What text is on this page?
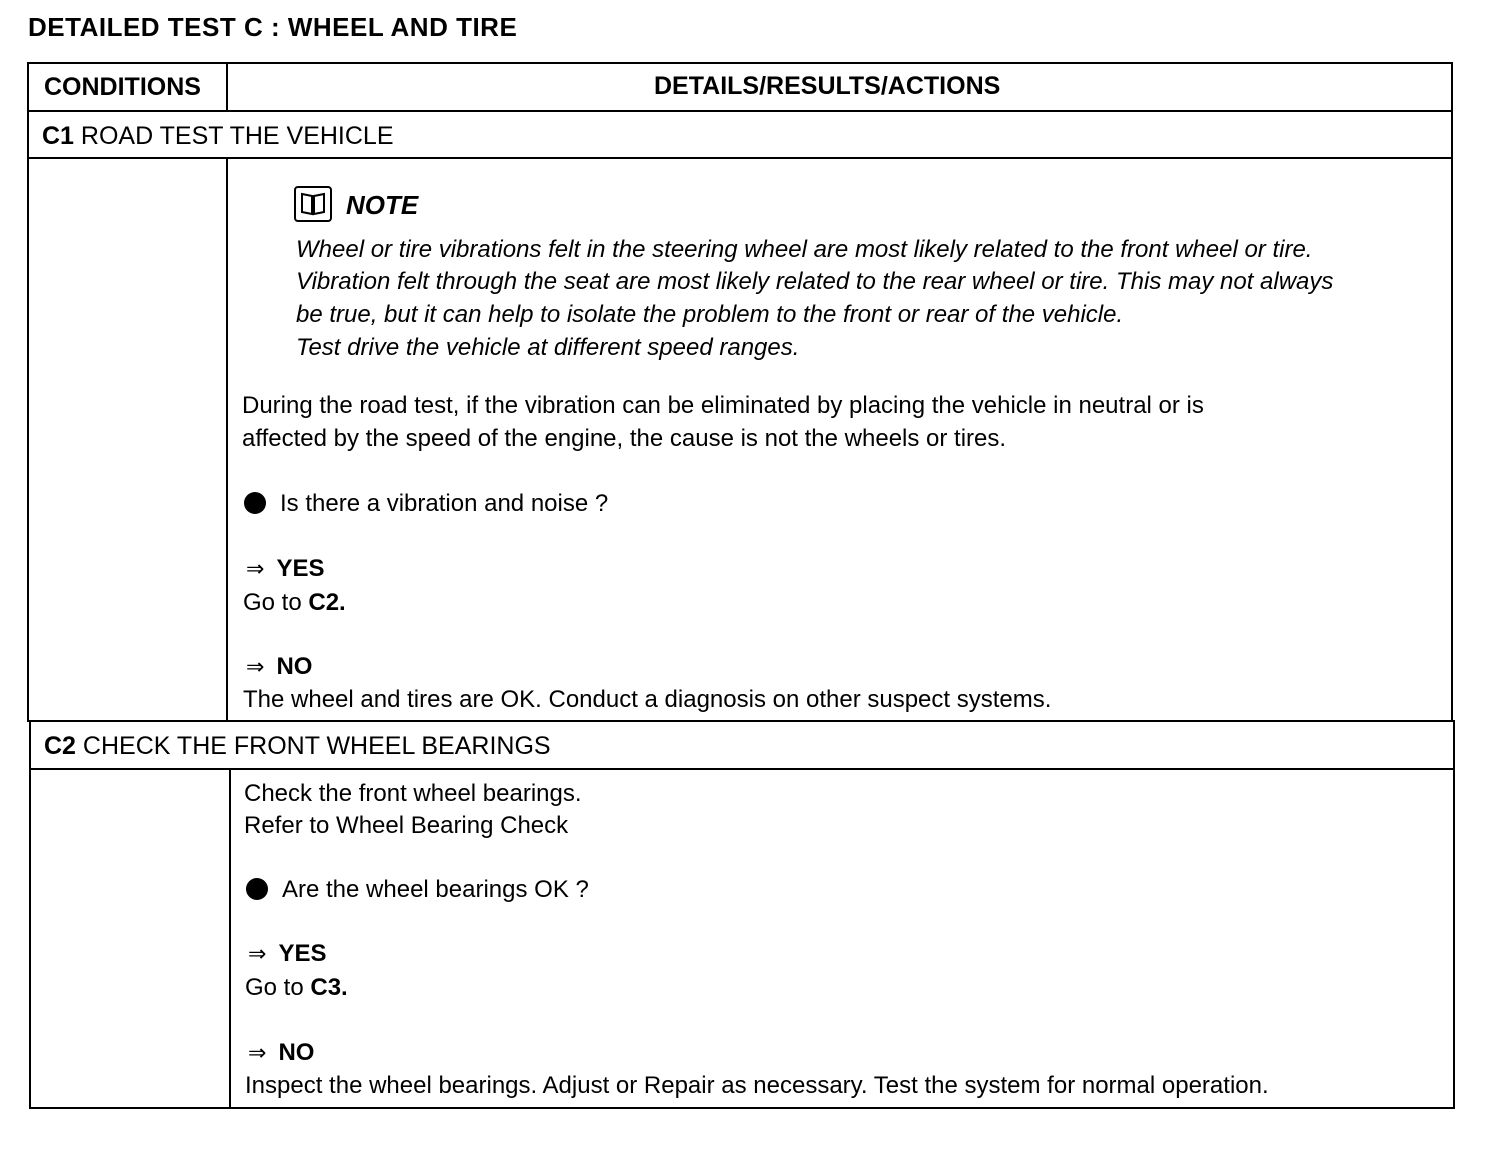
DETAILED TEST C : WHEEL AND TIRE
CONDITIONS	DETAILS/RESULTS/ACTIONS
C1 ROAD TEST THE VEHICLE
NOTE
Wheel or tire vibrations felt in the steering wheel are most likely related to the front wheel or tire.
Vibration felt through the seat are most likely related to the rear wheel or tire. This may not always
be true, but it can help to isolate the problem to the front or rear of the vehicle.
Test drive the vehicle at different speed ranges.
During the road test, if the vibration can be eliminated by placing the vehicle in neutral or is
affected by the speed of the engine, the cause is not the wheels or tires.
Is there a vibration and noise ?
⇒ YES
Go to C2.
⇒ NO
The wheel and tires are OK. Conduct a diagnosis on other suspect systems.
C2 CHECK THE FRONT WHEEL BEARINGS
Check the front wheel bearings.
Refer to Wheel Bearing Check
Are the wheel bearings OK ?
⇒ YES
Go to C3.
⇒ NO
Inspect the wheel bearings. Adjust or Repair as necessary. Test the system for normal operation.
